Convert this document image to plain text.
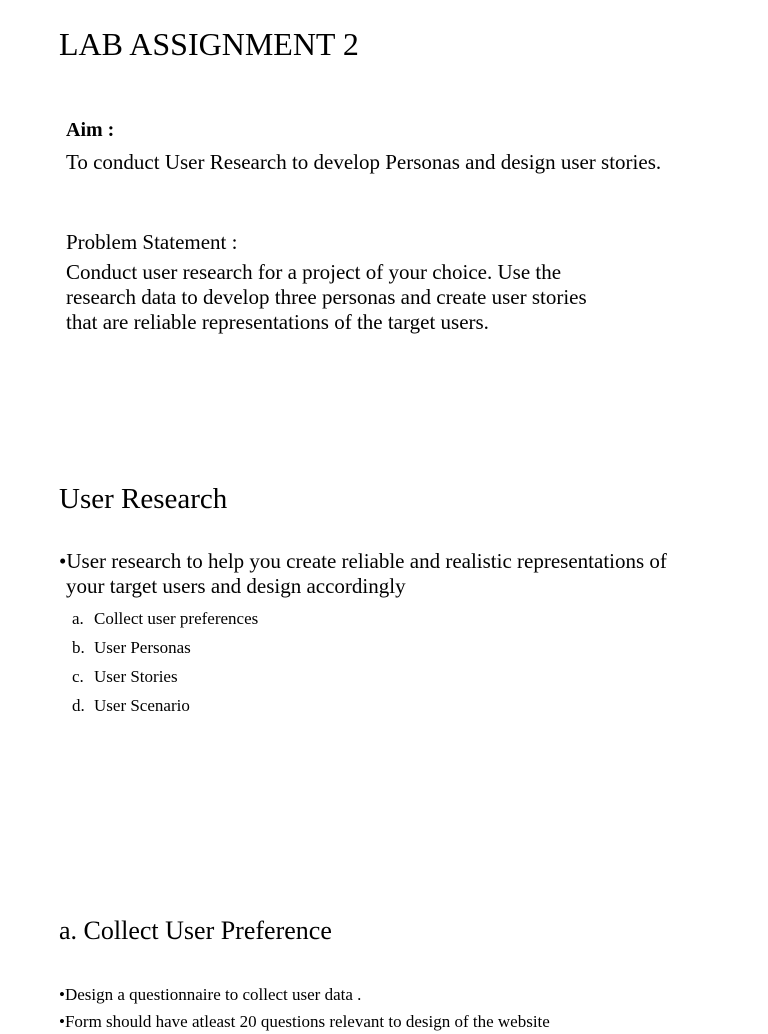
LAB ASSIGNMENT 2
Aim :
To conduct User Research to develop Personas and design user stories.
Problem Statement :
Conduct user research for a project of your choice. Use the
research data to develop three personas and create user stories
that are reliable representations of the target users.
User Research
•User research to help you create reliable and realistic representations of
your target users and design accordingly
a. Collect user preferences
b. User Personas
c. User Stories
d. User Scenario
a. Collect User Preference
•Design a questionnaire to collect user data .
•Form should have atleast 20 questions relevant to design of the website
